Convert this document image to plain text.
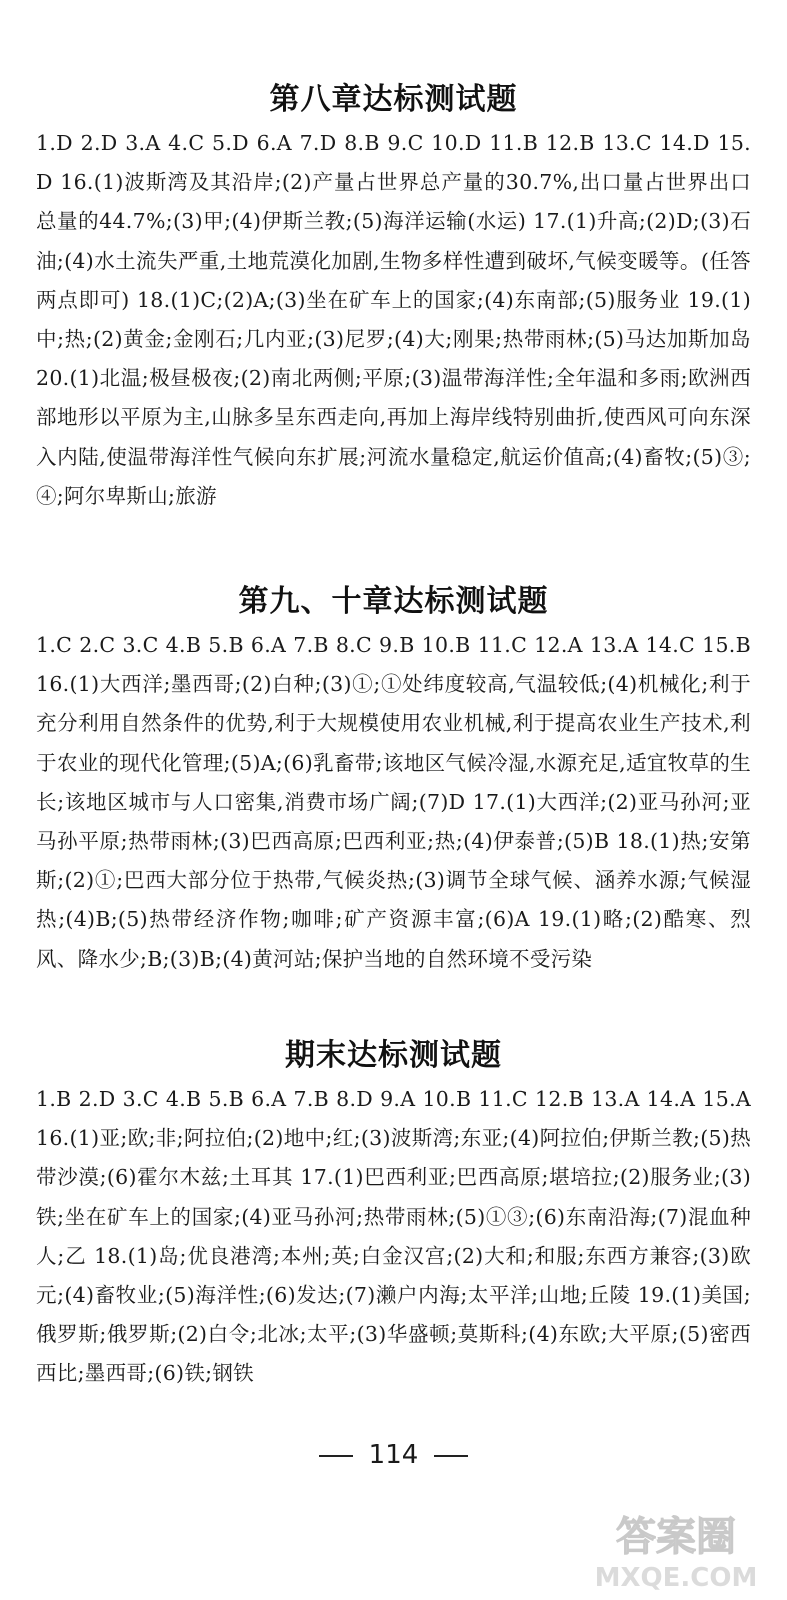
第八章达标测试题

1.D 2.D 3.A 4.C 5.D 6.A 7.D 8.B 9.C 10.D 11.B 12.B 13.C 14.D 15.D 16.(1)波斯湾及其沿岸;(2)产量占世界总产量的30.7%,出口量占世界出口总量的44.7%;(3)甲;(4)伊斯兰教;(5)海洋运输(水运) 17.(1)升高;(2)D;(3)石油;(4)水土流失严重,土地荒漠化加剧,生物多样性遭到破坏,气候变暖等。(任答两点即可) 18.(1)C;(2)A;(3)坐在矿车上的国家;(4)东南部;(5)服务业 19.(1)中;热;(2)黄金;金刚石;几内亚;(3)尼罗;(4)大;刚果;热带雨林;(5)马达加斯加岛 20.(1)北温;极昼极夜;(2)南北两侧;平原;(3)温带海洋性;全年温和多雨;欧洲西部地形以平原为主,山脉多呈东西走向,再加上海岸线特别曲折,使西风可向东深入内陆,使温带海洋性气候向东扩展;河流水量稳定,航运价值高;(4)畜牧;(5)③;④;阿尔卑斯山;旅游

第九、十章达标测试题

1.C 2.C 3.C 4.B 5.B 6.A 7.B 8.C 9.B 10.B 11.C 12.A 13.A 14.C 15.B 16.(1)大西洋;墨西哥;(2)白种;(3)①;①处纬度较高,气温较低;(4)机械化;利于充分利用自然条件的优势,利于大规模使用农业机械,利于提高农业生产技术,利于农业的现代化管理;(5)A;(6)乳畜带;该地区气候冷湿,水源充足,适宜牧草的生长;该地区城市与人口密集,消费市场广阔;(7)D 17.(1)大西洋;(2)亚马孙河;亚马孙平原;热带雨林;(3)巴西高原;巴西利亚;热;(4)伊泰普;(5)B 18.(1)热;安第斯;(2)①;巴西大部分位于热带,气候炎热;(3)调节全球气候、涵养水源;气候湿热;(4)B;(5)热带经济作物;咖啡;矿产资源丰富;(6)A 19.(1)略;(2)酷寒、烈风、降水少;B;(3)B;(4)黄河站;保护当地的自然环境不受污染

期末达标测试题

1.B 2.D 3.C 4.B 5.B 6.A 7.B 8.D 9.A 10.B 11.C 12.B 13.A 14.A 15.A 16.(1)亚;欧;非;阿拉伯;(2)地中;红;(3)波斯湾;东亚;(4)阿拉伯;伊斯兰教;(5)热带沙漠;(6)霍尔木兹;土耳其 17.(1)巴西利亚;巴西高原;堪培拉;(2)服务业;(3)铁;坐在矿车上的国家;(4)亚马孙河;热带雨林;(5)①③;(6)东南沿海;(7)混血种人;乙 18.(1)岛;优良港湾;本州;英;白金汉宫;(2)大和;和服;东西方兼容;(3)欧元;(4)畜牧业;(5)海洋性;(6)发达;(7)濑户内海;太平洋;山地;丘陵 19.(1)美国;俄罗斯;俄罗斯;(2)白令;北冰;太平;(3)华盛顿;莫斯科;(4)东欧;大平原;(5)密西西比;墨西哥;(6)铁;钢铁

114
答案圈
MXQE.COM
